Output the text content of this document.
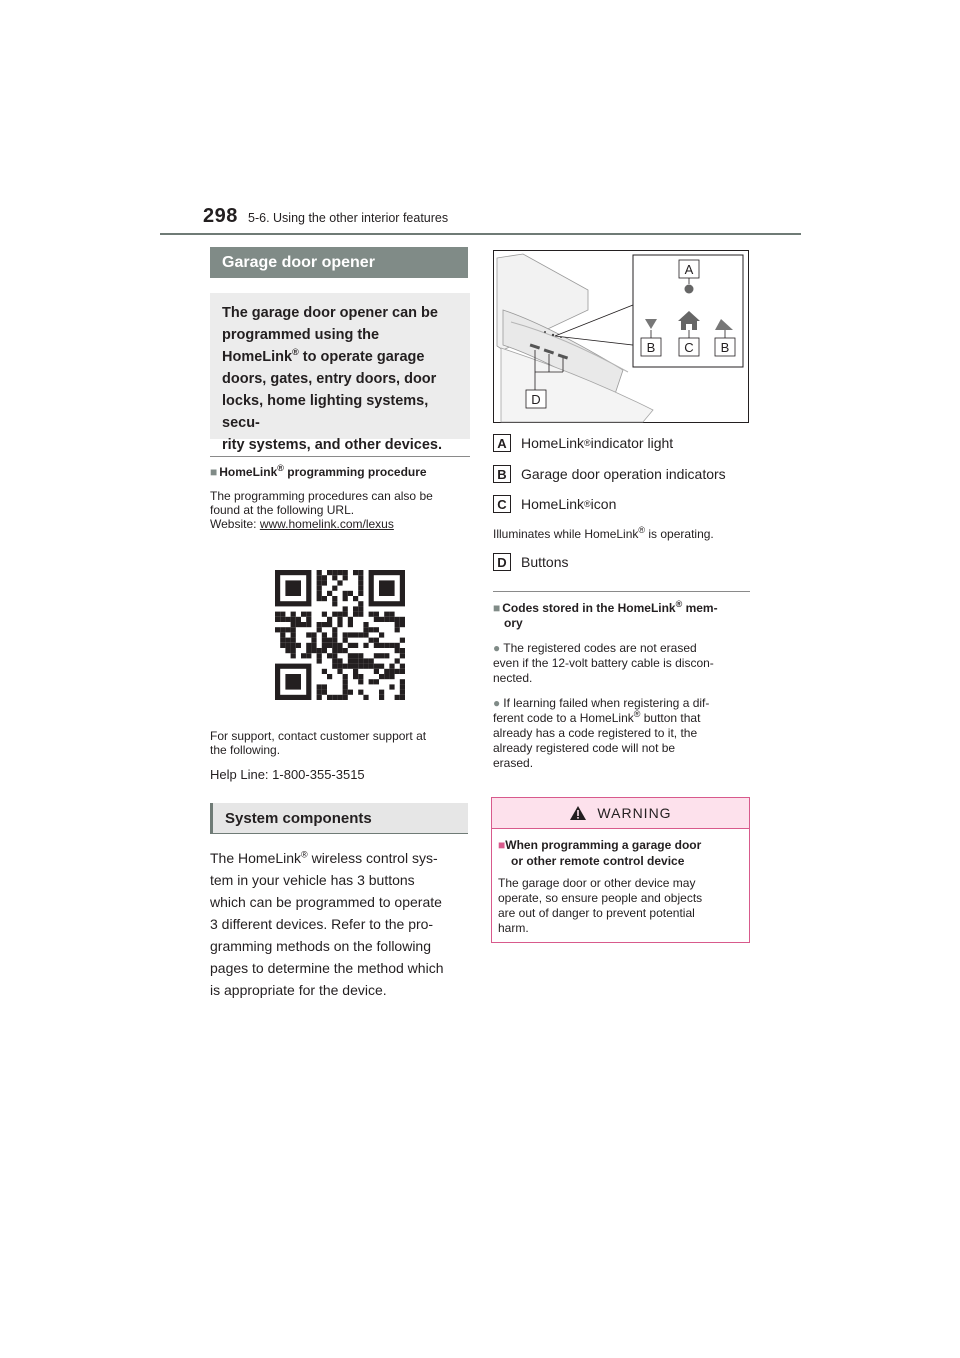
298 5-6. Using the other interior features
Garage door opener
The garage door opener can be
programmed using the
HomeLink® to operate garage
doors, gates, entry doors, door
locks, home lighting systems, secu-
rity systems, and other devices.
■ HomeLink® programming procedure
The programming procedures can also be
found at the following URL.
Website: www.homelink.com/lexus
For support, contact customer support at
the following.
Help Line: 1-800-355-3515
System components
The HomeLink® wireless control sys-
tem in your vehicle has 3 buttons
which can be programmed to operate
3 different devices. Refer to the pro-
gramming methods on the following
pages to determine the method which
is appropriate for the device.
D
A
B C B
A	HomeLink ® indicator light
B	Garage door operation indicators
C	HomeLink ® icon
Illuminates while HomeLink® is operating.
D	Buttons
■ Codes stored in the HomeLink® mem-
ory
● The registered codes are not erased
even if the 12-volt battery cable is discon-
nected.
● If learning failed when registering a dif-
ferent code to a HomeLink® button that
already has a code registered to it, the
already registered code will not be
erased.
WARNING
■When programming a garage door
or other remote control device
The garage door or other device may
operate, so ensure people and objects
are out of danger to prevent potential
harm.
